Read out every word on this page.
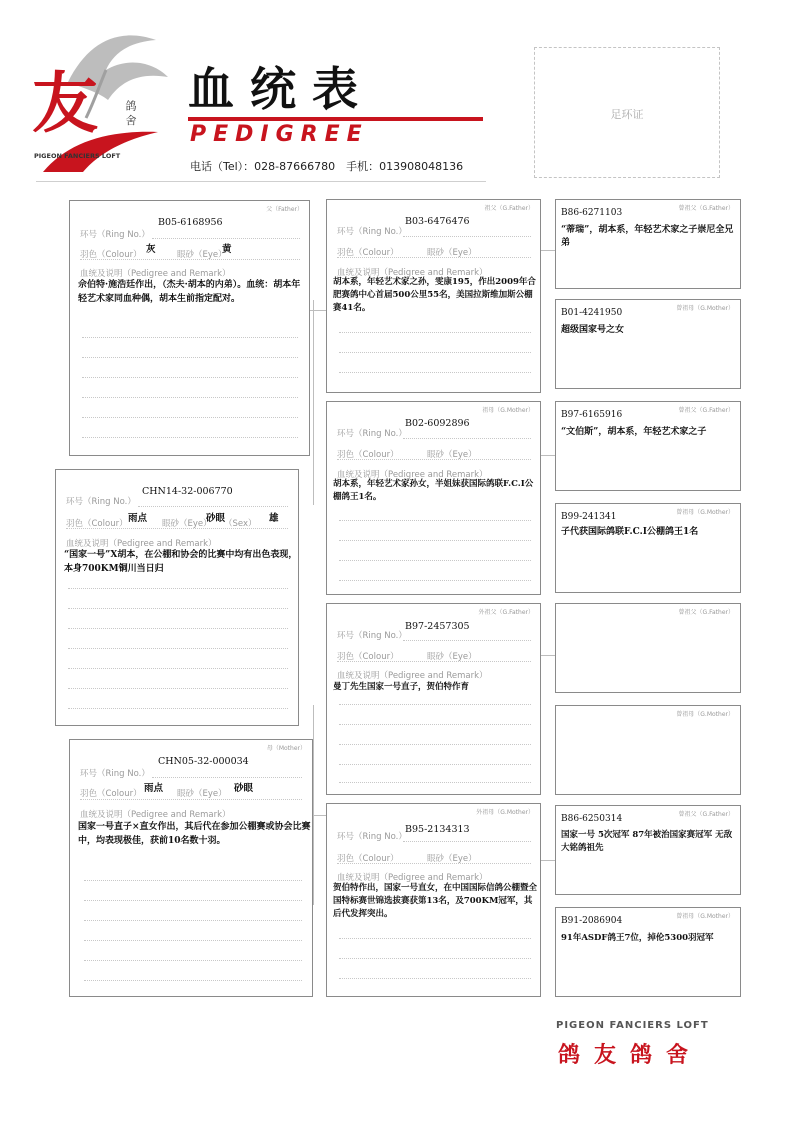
友 鸽 舍
PIGEON FANCIERS LOFT
血统表
PEDIGREE
电话（Tel）：028-87666780　手机：013908048136
足环证
父（Father）
环号（Ring No.）
B05-6168956
羽色（Colour） 灰	眼砂（Eye）
黄
血统及说明（Pedigree and Remark）
佘伯特·施浩廷作出，（杰夫·胡本的内弟）。血统：胡本年轻艺术家同血种偶，胡本生前指定配对。
环号（Ring No.）
CHN14-32-006770
羽色（Colour） 雨点 眼砂（Eye）
砂眼
（Sex） 雄
血统及说明（Pedigree and Remark）
“国家一号”X胡本，在公棚和协会的比赛中均有出色表现，本身700KM铜川当日归
母（Mother）
环号（Ring No.）
CHN05-32-000034
羽色（Colour） 雨点 眼砂（Eye） 砂眼
血统及说明（Pedigree and Remark）
国家一号直子×直女作出，其后代在参加公棚赛或协会比赛中，均表现极佳，获前10名数十羽。
祖父（G.Father）
环号（Ring No.）
B03-6476476
羽色（Colour）	眼砂（Eye）
血统及说明（Pedigree and Remark）
胡本系，年轻艺术家之孙，雯康195，作出2009年合肥赛鸽中心首届500公里55名，美国拉斯维加斯公棚赛41名。
祖母（G.Mother）
环号（Ring No.）
B02-6092896
羽色（Colour）	眼砂（Eye）
血统及说明（Pedigree and Remark）
胡本系，年轻艺术家孙女，半姐妹获国际鸽联F.C.I公棚鸽王1名。
外祖父（G.Father）
环号（Ring No.）
B97-2457305
羽色（Colour）	眼砂（Eye）
血统及说明（Pedigree and Remark）
曼丁先生国家一号直子，贺伯特作育
外祖母（G.Mother）
环号（Ring No.）
B95-2134313
羽色（Colour）	眼砂（Eye）
血统及说明（Pedigree and Remark）
贺伯特作出，国家一号直女，在中国国际信鸽公棚暨全国特标赛世锦选拔赛获第13名，及700KM冠军，其后代发挥突出。
曾祖父（G.Father）
B86-6271103
“蒂瑞”，胡本系，年轻艺术家之子崇尼全兄弟
曾祖母（G.Mother）
B01-4241950
超级国家号之女
曾祖父（G.Father）
B97-6165916
“文伯斯”，胡本系，年轻艺术家之子
曾祖母（G.Mother）
B99-241341
子代获国际鸽联F.C.I公棚鸽王1名
曾祖父（G.Father）
曾祖母（G.Mother）
曾祖父（G.Father）
B86-6250314
国家一号 5次冠军 87年被治国家赛冠军 无敌大铭鸽祖先
曾祖母（G.Mother）
B91-2086904
91年ASDF鸽王7位，掉伦5300羽冠军
PIGEON FANCIERS LOFT
鸽友鸽舍
